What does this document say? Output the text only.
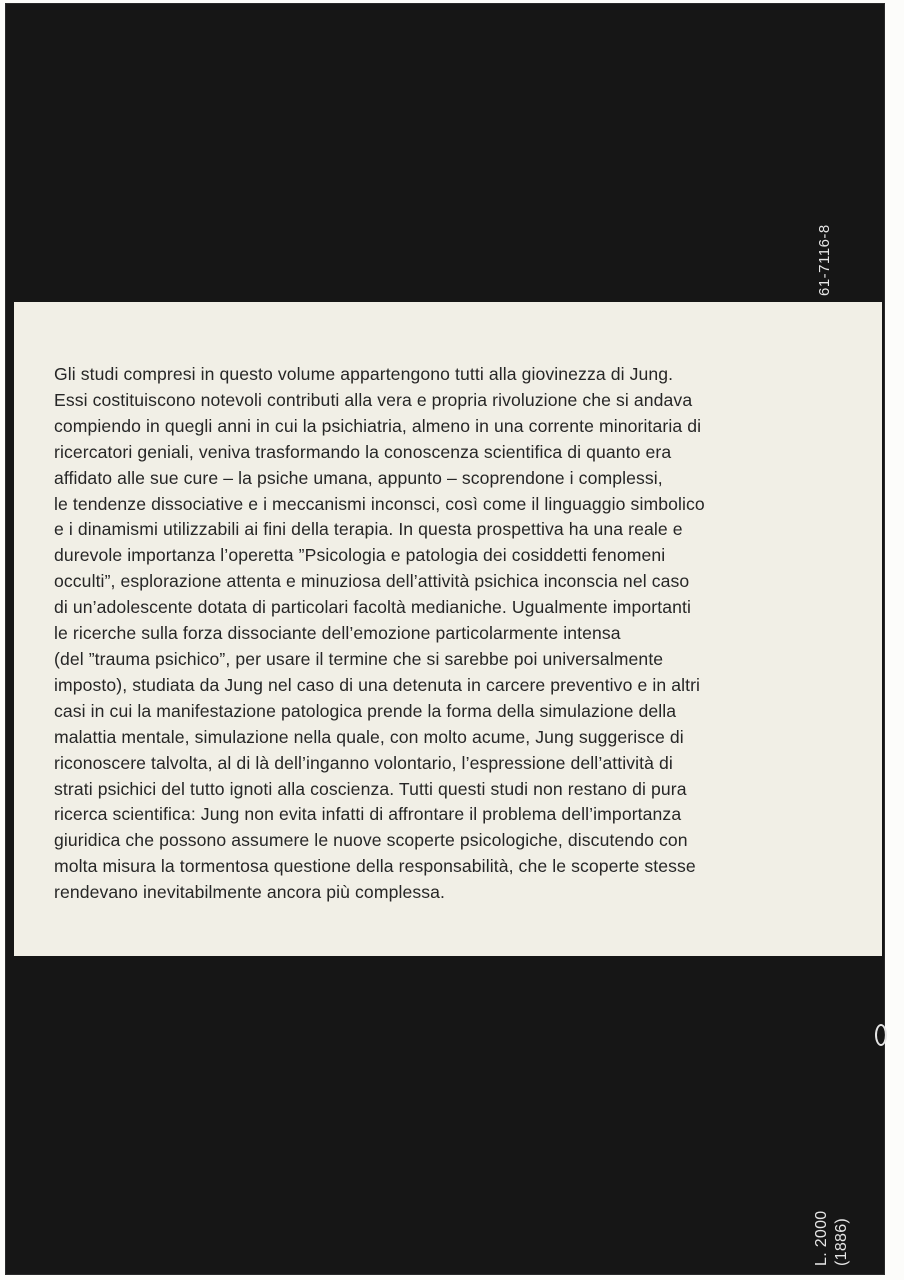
61-7116-8
L. 2000 (1886)

Gli studi compresi in questo volume appartengono tutti alla giovinezza di Jung.
Essi costituiscono notevoli contributi alla vera e propria rivoluzione che si andava
compiendo in quegli anni in cui la psichiatria, almeno in una corrente minoritaria di
ricercatori geniali, veniva trasformando la conoscenza scientifica di quanto era
affidato alle sue cure – la psiche umana, appunto – scoprendone i complessi,
le tendenze dissociative e i meccanismi inconsci, così come il linguaggio simbolico
e i dinamismi utilizzabili ai fini della terapia. In questa prospettiva ha una reale e
durevole importanza l’operetta ”Psicologia e patologia dei cosiddetti fenomeni
occulti”, esplorazione attenta e minuziosa dell’attività psichica inconscia nel caso
di un’adolescente dotata di particolari facoltà medianiche. Ugualmente importanti
le ricerche sulla forza dissociante dell’emozione particolarmente intensa
(del ”trauma psichico”, per usare il termine che si sarebbe poi universalmente
imposto), studiata da Jung nel caso di una detenuta in carcere preventivo e in altri
casi in cui la manifestazione patologica prende la forma della simulazione della
malattia mentale, simulazione nella quale, con molto acume, Jung suggerisce di
riconoscere talvolta, al di là dell’inganno volontario, l’espressione dell’attività di
strati psichici del tutto ignoti alla coscienza. Tutti questi studi non restano di pura
ricerca scientifica: Jung non evita infatti di affrontare il problema dell’importanza
giuridica che possono assumere le nuove scoperte psicologiche, discutendo con
molta misura la tormentosa questione della responsabilità, che le scoperte stesse
rendevano inevitabilmente ancora più complessa.
